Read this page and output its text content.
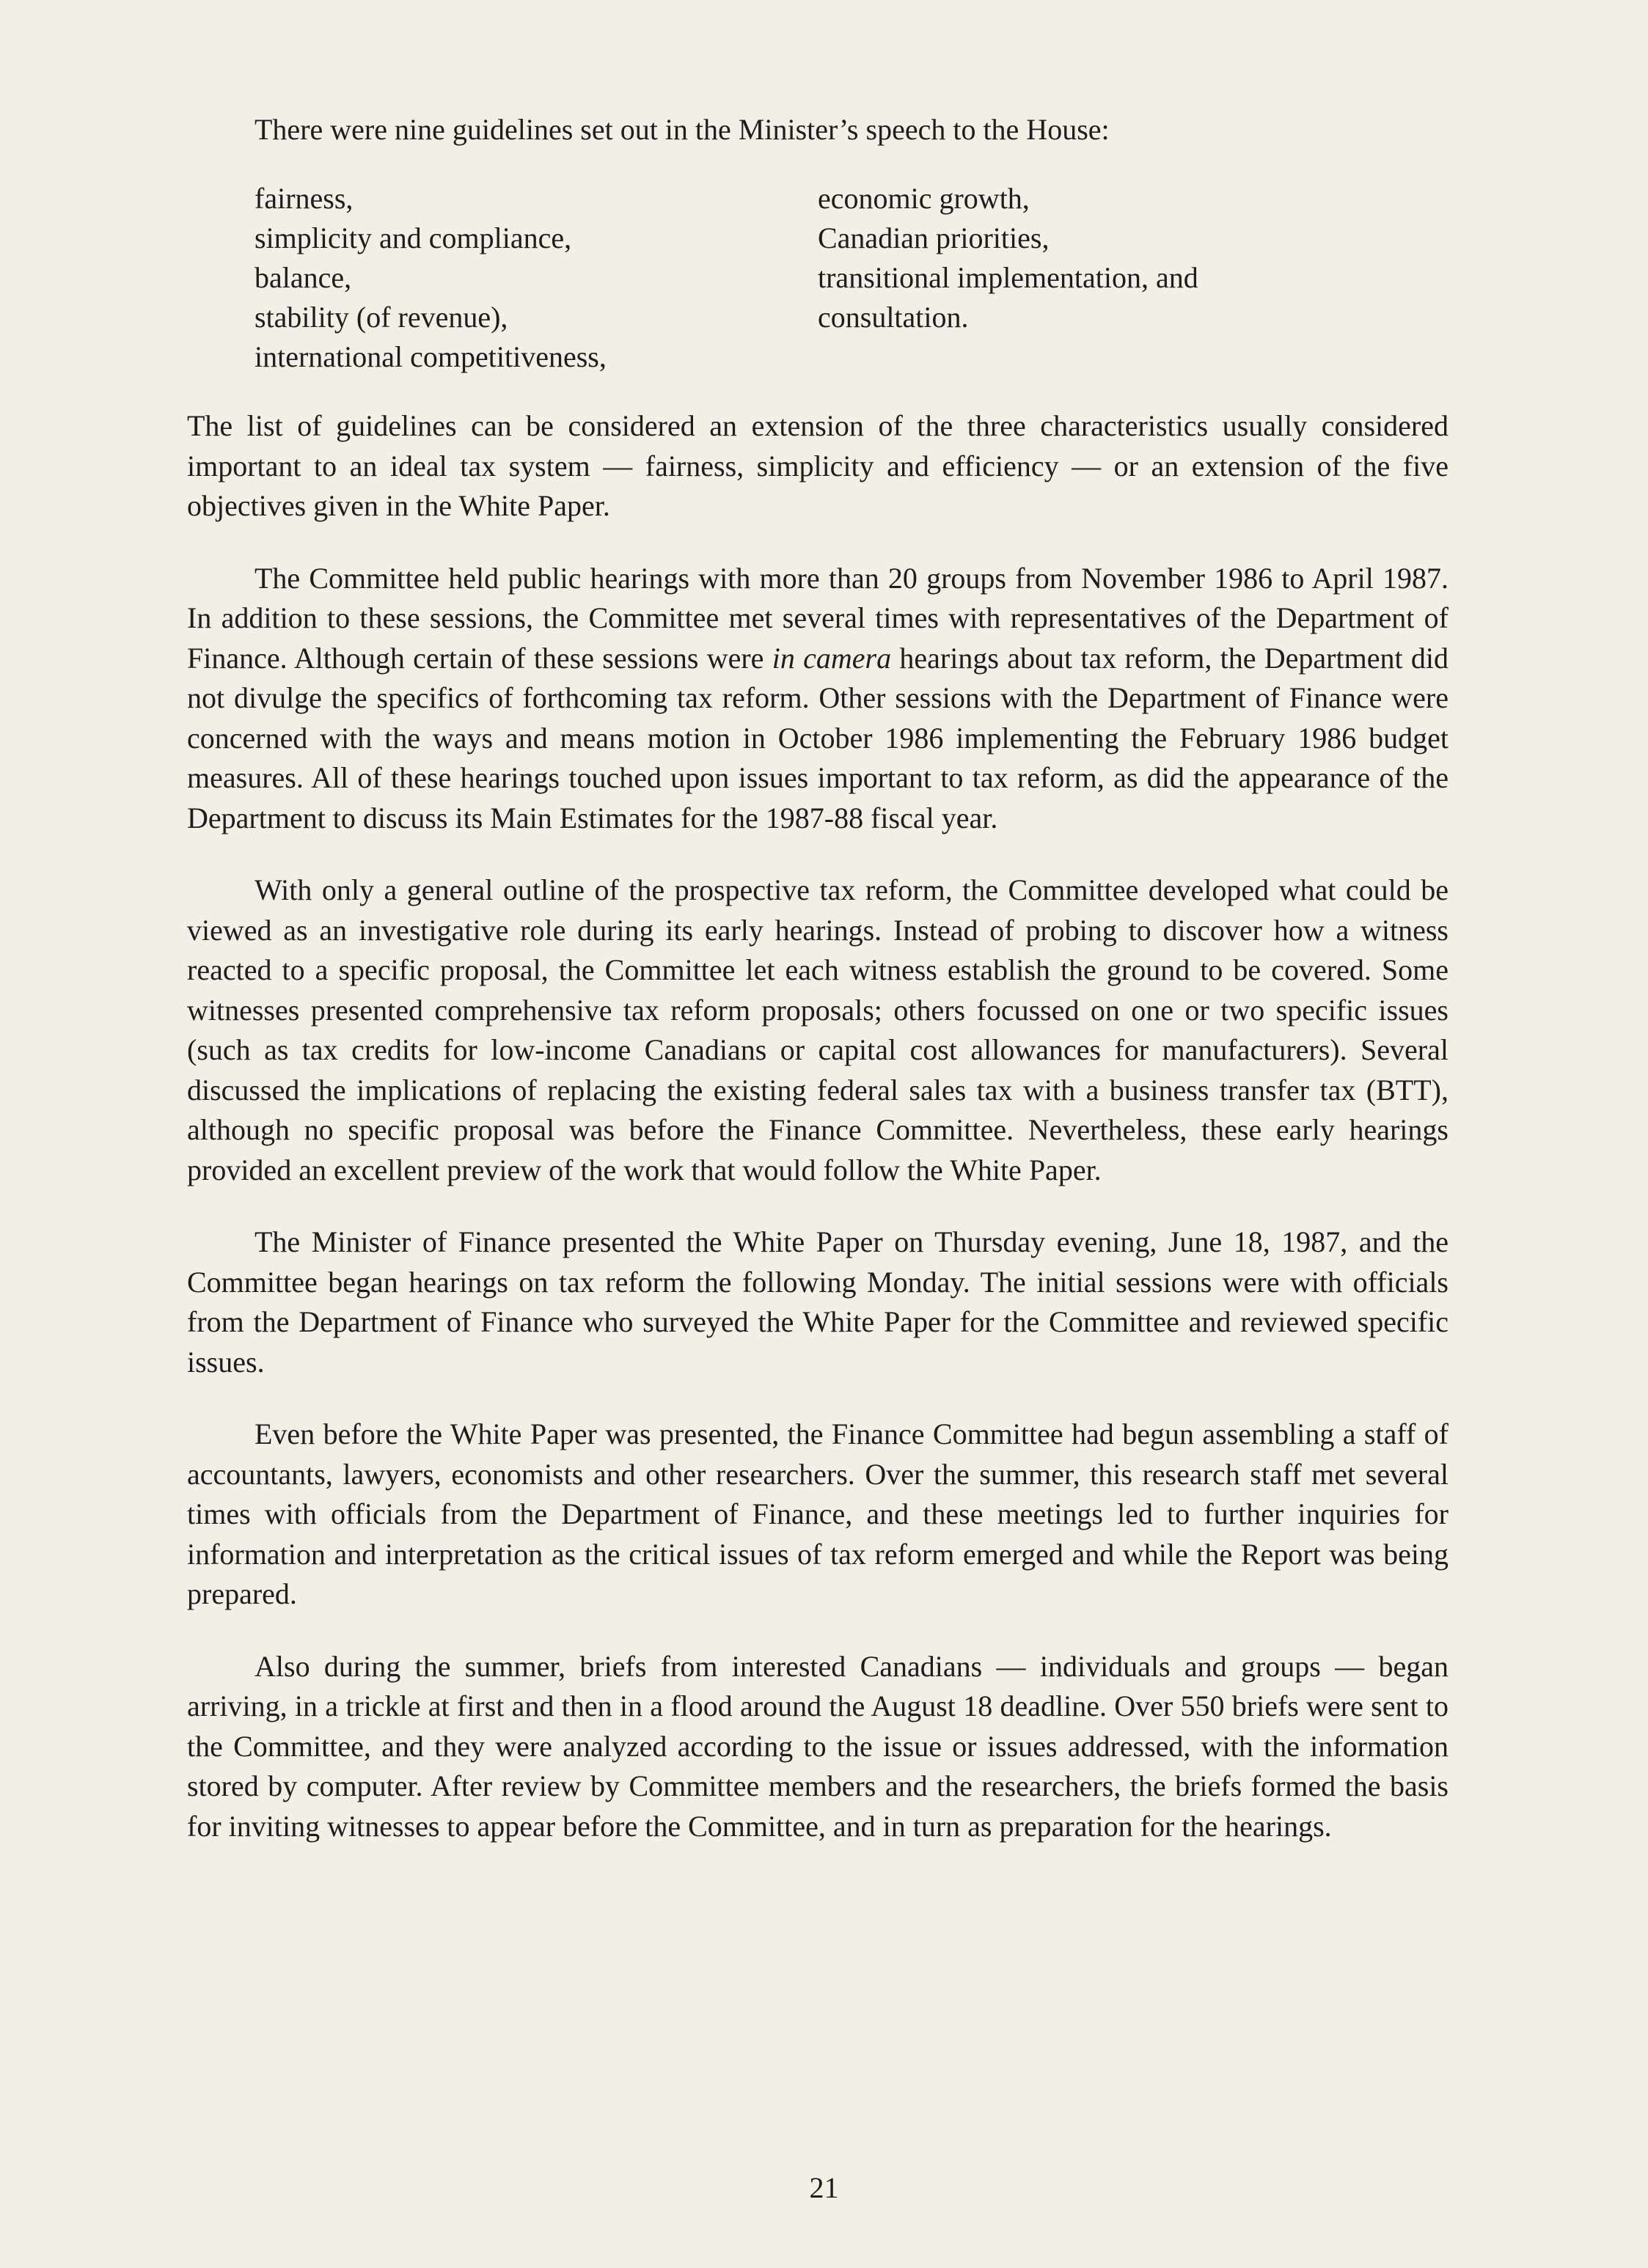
There were nine guidelines set out in the Minister’s speech to the House:
fairness,
simplicity and compliance,
balance,
stability (of revenue),
international competitiveness,
economic growth,
Canadian priorities,
transitional implementation, and
consultation.

The list of guidelines can be considered an extension of the three characteristics usually considered important to an ideal tax system — fairness, simplicity and efficiency — or an extension of the five objectives given in the White Paper.

The Committee held public hearings with more than 20 groups from November 1986 to April 1987. In addition to these sessions, the Committee met several times with representatives of the Department of Finance. Although certain of these sessions were in camera hearings about tax reform, the Department did not divulge the specifics of forthcoming tax reform. Other sessions with the Department of Finance were concerned with the ways and means motion in October 1986 implementing the February 1986 budget measures. All of these hearings touched upon issues important to tax reform, as did the appearance of the Department to discuss its Main Estimates for the 1987-88 fiscal year.

With only a general outline of the prospective tax reform, the Committee developed what could be viewed as an investigative role during its early hearings. Instead of probing to discover how a witness reacted to a specific proposal, the Committee let each witness establish the ground to be covered. Some witnesses presented comprehensive tax reform proposals; others focussed on one or two specific issues (such as tax credits for low-income Canadians or capital cost allowances for manufacturers). Several discussed the implications of replacing the existing federal sales tax with a business transfer tax (BTT), although no specific proposal was before the Finance Committee. Nevertheless, these early hearings provided an excellent preview of the work that would follow the White Paper.

The Minister of Finance presented the White Paper on Thursday evening, June 18, 1987, and the Committee began hearings on tax reform the following Monday. The initial sessions were with officials from the Department of Finance who surveyed the White Paper for the Committee and reviewed specific issues.

Even before the White Paper was presented, the Finance Committee had begun assembling a staff of accountants, lawyers, economists and other researchers. Over the summer, this research staff met several times with officials from the Department of Finance, and these meetings led to further inquiries for information and interpretation as the critical issues of tax reform emerged and while the Report was being prepared.

Also during the summer, briefs from interested Canadians — individuals and groups — began arriving, in a trickle at first and then in a flood around the August 18 deadline. Over 550 briefs were sent to the Committee, and they were analyzed according to the issue or issues addressed, with the information stored by computer. After review by Committee members and the researchers, the briefs formed the basis for inviting witnesses to appear before the Committee, and in turn as preparation for the hearings.

21
